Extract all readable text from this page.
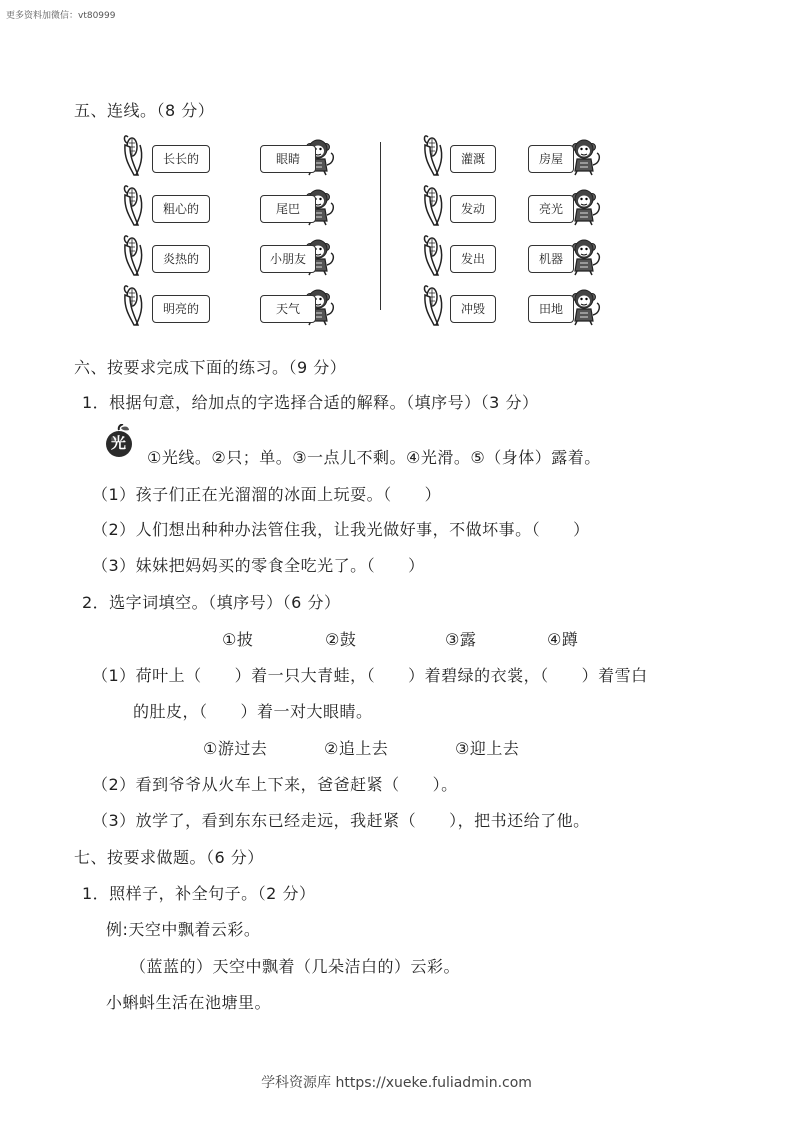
更多资料加微信：vt80999
五、连线。（8 分）
长长的
粗心的
炎热的
明亮的
眼睛
尾巴
小朋友
天气
灌溉
发动
发出
冲毁
房屋
亮光
机器
田地
六、按要求完成下面的练习。（9 分）
1．根据句意，给加点的字选择合适的解释。（填序号）（3 分）
光
①光线。②只；单。③一点儿不剩。④光滑。⑤（身体）露着。
（1）孩子们正在光溜溜的冰面上玩耍。（　　）
（2）人们想出种种办法管住我，让我光做好事，不做坏事。（　　）
（3）妹妹把妈妈买的零食全吃光了。（　　）
2．选字词填空。（填序号）（6 分）
①披	②鼓	③露	④蹲
（1）荷叶上（　　）着一只大青蛙，（　　）着碧绿的衣裳，（　　）着雪白
的肚皮，（　　）着一对大眼睛。
①游过去	②追上去	③迎上去
（2）看到爷爷从火车上下来，爸爸赶紧（　　）。
（3）放学了，看到东东已经走远，我赶紧（　　），把书还给了他。
七、按要求做题。（6 分）
1．照样子，补全句子。（2 分）
例:天空中飘着云彩。
（蓝蓝的）天空中飘着（几朵洁白的）云彩。
小蝌蚪生活在池塘里。
学科资源库 https://xueke.fuliadmin.com
